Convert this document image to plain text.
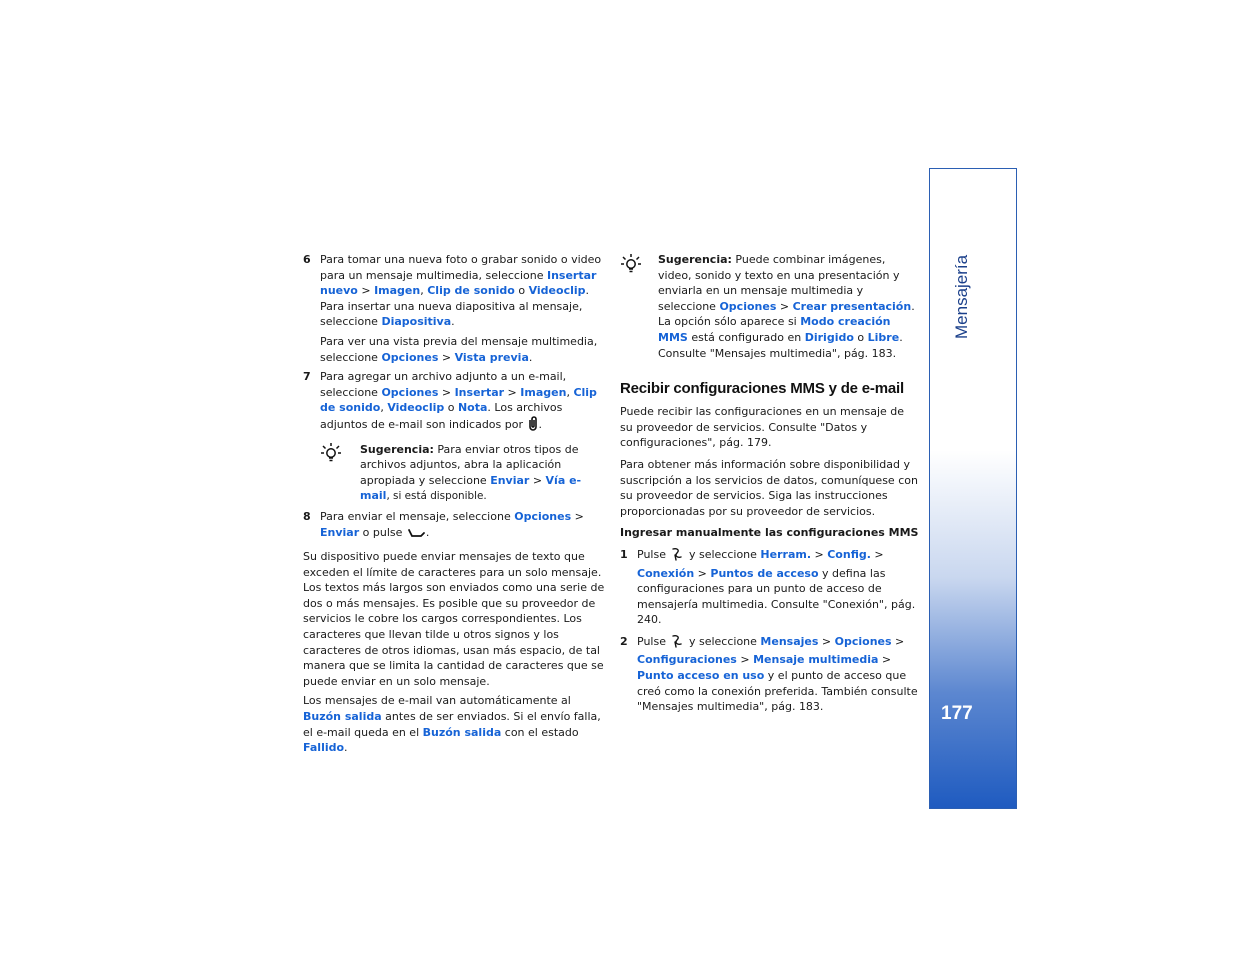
6 Para tomar una nueva foto o grabar sonido o video para un mensaje multimedia, seleccione Insertar nuevo > Imagen, Clip de sonido o Videoclip. Para insertar una nueva diapositiva al mensaje, seleccione Diapositiva.

Para ver una vista previa del mensaje multimedia, seleccione Opciones > Vista previa.

7 Para agregar un archivo adjunto a un e-mail, seleccione Opciones > Insertar > Imagen, Clip de sonido, Videoclip o Nota. Los archivos adjuntos de e-mail son indicados por .

Sugerencia: Para enviar otros tipos de archivos adjuntos, abra la aplicación apropiada y seleccione Enviar > Vía e-mail, si está disponible.

8 Para enviar el mensaje, seleccione Opciones > Enviar o pulse .

Su dispositivo puede enviar mensajes de texto que exceden el límite de caracteres para un solo mensaje. Los textos más largos son enviados como una serie de dos o más mensajes. Es posible que su proveedor de servicios le cobre los cargos correspondientes. Los caracteres que llevan tilde u otros signos y los caracteres de otros idiomas, usan más espacio, de tal manera que se limita la cantidad de caracteres que se puede enviar en un solo mensaje.

Los mensajes de e-mail van automáticamente al Buzón salida antes de ser enviados. Si el envío falla, el e-mail queda en el Buzón salida con el estado Fallido.

Sugerencia: Puede combinar imágenes, video, sonido y texto en una presentación y enviarla en un mensaje multimedia y seleccione Opciones > Crear presentación. La opción sólo aparece si Modo creación MMS está configurado en Dirigido o Libre. Consulte "Mensajes multimedia", pág. 183.

Recibir configuraciones MMS y de e-mail

Puede recibir las configuraciones en un mensaje de su proveedor de servicios. Consulte "Datos y configuraciones", pág. 179.

Para obtener más información sobre disponibilidad y suscripción a los servicios de datos, comuníquese con su proveedor de servicios. Siga las instrucciones proporcionadas por su proveedor de servicios.

Ingresar manualmente las configuraciones MMS
1 Pulse  y seleccione Herram. > Config. > Conexión > Puntos de acceso y defina las configuraciones para un punto de acceso de mensajería multimedia. Consulte "Conexión", pág. 240.

2 Pulse  y seleccione Mensajes > Opciones > Configuraciones > Mensaje multimedia > Punto acceso en uso y el punto de acceso que creó como la conexión preferida. También consulte "Mensajes multimedia", pág. 183.

Mensajería
177
